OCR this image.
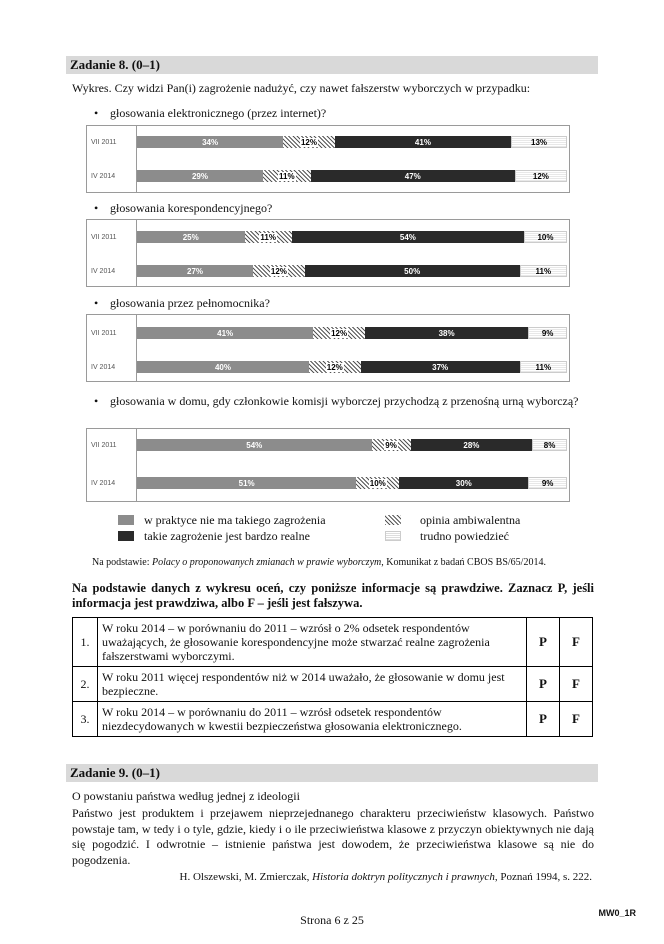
Zadanie 8. (0–1)
Wykres. Czy widzi Pan(i) zagrożenie nadużyć, czy nawet fałszerstw wyborczych w przypadku:
• głosowania elektronicznego (przez internet)?
VII 2011
IV 2014
34%	12%	41%	13%
29%	11%	47%	12%
• głosowania korespondencyjnego?
VII 2011
IV 2014
25%	11%	54%	10%
27%	12%	50%	11%
• głosowania przez pełnomocnika?
VII 2011
IV 2014
41%	12%	38%	9%
40%	12%	37%	11%
• głosowania w domu, gdy członkowie komisji wyborczej przychodzą z przenośną urną wyborczą?
VII 2011
IV 2014
54%	9%	28%	8%
51%	10%	30%	9%
w praktyce nie ma takiego zagrożenia
takie zagrożenie jest bardzo realne
opinia ambiwalentna
trudno powiedzieć
Na podstawie: Polacy o proponowanych zmianach w prawie wyborczym, Komunikat z badań CBOS BS/65/2014.
Na podstawie danych z wykresu oceń, czy poniższe informacje są prawdziwe. Zaznacz P, jeśli informacja jest prawdziwa, albo F – jeśli jest fałszywa.
1.	W roku 2014 – w porównaniu do 2011 – wzrósł o 2% odsetek respondentów uważających, że głosowanie korespondencyjne może stwarzać realne zagrożenia fałszerstwami wyborczymi.	P	F
2.	W roku 2011 więcej respondentów niż w 2014 uważało, że głosowanie w domu jest bezpieczne.	P	F
3.	W roku 2014 – w porównaniu do 2011 – wzrósł odsetek respondentów niezdecydowanych w kwestii bezpieczeństwa głosowania elektronicznego.	P	F
Zadanie 9. (0–1)
O powstaniu państwa według jednej z ideologii
Państwo jest produktem i przejawem nieprzejednanego charakteru przeciwieństw klasowych. Państwo powstaje tam, w tedy i o tyle, gdzie, kiedy i o ile przeciwieństwa klasowe z przyczyn obiektywnych nie dają się pogodzić. I odwrotnie – istnienie państwa jest dowodem, że przeciwieństwa klasowe są nie do pogodzenia.
H. Olszewski, M. Zmierczak, Historia doktryn politycznych i prawnych, Poznań 1994, s. 222.
Strona 6 z 25	MW0_1R
